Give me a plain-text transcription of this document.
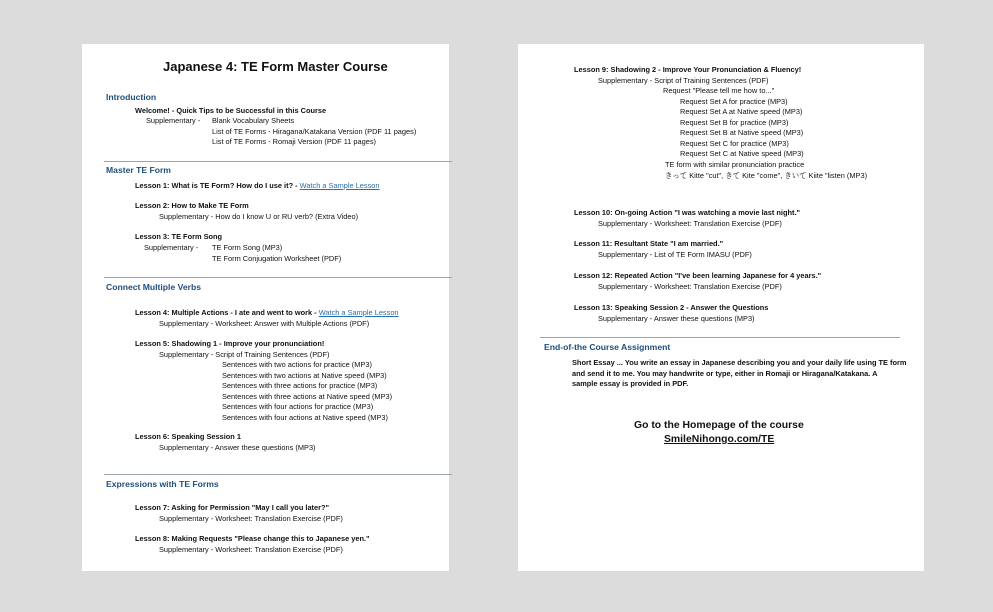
Japanese 4: TE Form Master Course
Introduction
Welcome! - Quick Tips to be Successful in this Course
Supplementary - Blank Vocabulary Sheets
List of TE Forms - Hiragana/Katakana Version (PDF 11 pages)
List of TE Forms - Romaji Version (PDF 11 pages)
Master TE Form
Lesson 1: What is TE Form? How do I use it? - Watch a Sample Lesson
Lesson 2: How to Make TE Form
Supplementary - How do I know U or RU verb? (Extra Video)
Lesson 3: TE Form Song
Supplementary - TE Form Song (MP3)
TE Form Conjugation Worksheet (PDF)
Connect Multiple Verbs
Lesson 4: Multiple Actions - I ate and went to work - Watch a Sample Lesson
Supplementary - Worksheet: Answer with Multiple Actions (PDF)
Lesson 5: Shadowing 1 - Improve your pronunciation!
Supplementary - Script of Training Sentences (PDF)
Sentences with two actions for practice (MP3)
Sentences with two actions at Native speed (MP3)
Sentences with three actions for practice (MP3)
Sentences with three actions at Native speed (MP3)
Sentences with four actions for practice (MP3)
Sentences with four actions at Native speed (MP3)
Lesson 6: Speaking Session 1
Supplementary - Answer these questions (MP3)
Expressions with TE Forms
Lesson 7: Asking for Permission "May I call you later?"
Supplementary - Worksheet: Translation Exercise (PDF)
Lesson 8: Making Requests "Please change this to Japanese yen."
Supplementary - Worksheet: Translation Exercise (PDF)
Lesson 9: Shadowing 2 - Improve Your Pronunciation & Fluency!
Supplementary - Script of Training Sentences (PDF)
Request "Please tell me how to..."
Request Set A for practice (MP3)
Request Set A at Native speed (MP3)
Request Set B for practice (MP3)
Request Set B at Native speed (MP3)
Request Set C for practice (MP3)
Request Set C at Native speed (MP3)
TE form with similar pronunciation practice
きって Kitte "cut", きて Kite "come", きいて Kiite "listen (MP3)
Lesson 10: On-going Action "I was watching a movie last night."
Supplementary - Worksheet: Translation Exercise (PDF)
Lesson 11: Resultant State "I am married."
Supplementary - List of TE Form IMASU (PDF)
Lesson 12: Repeated Action "I've been learning Japanese for 4 years."
Supplementary - Worksheet: Translation Exercise (PDF)
Lesson 13: Speaking Session 2 - Answer the Questions
Supplementary - Answer these questions (MP3)
End-of-the Course Assignment
Short Essay ... You write an essay in Japanese describing you and your daily life using TE form
and send it to me. You may handwrite or type, either in Romaji or Hiragana/Katakana. A
sample essay is provided in PDF.
Go to the Homepage of the course
SmileNihongo.com/TE
